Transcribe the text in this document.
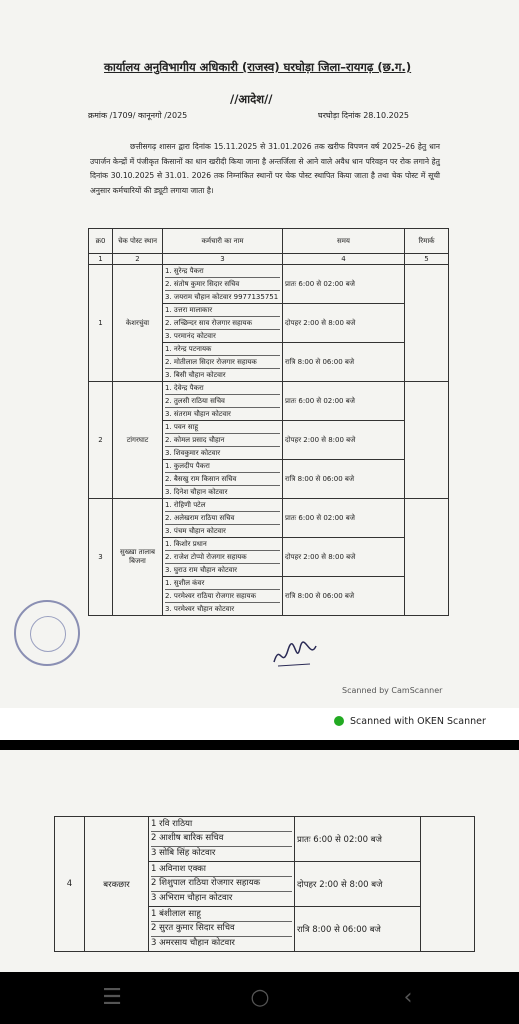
कार्यालय अनुविभागीय अधिकारी (राजस्व) घरघोड़ा जिला–रायगढ़ (छ.ग.)
//आदेश//
क्रमांक /1709/ कानूनगो /2025	घरघोड़ा दिनांक 28.10.2025

छत्तीसगढ़ शासन द्वारा दिनांक 15.11.2025 से 31.01.2026 तक खरीफ विपणन वर्ष 2025–26 हेतु धान उपार्जन केन्द्रों में पंजीकृत किसानों का धान खरीदी किया जाना है अन्तर्जिला से आने वाले अवैध धान परिवहन पर रोक लगाने हेतु दिनांक 30.10.2025 से 31.01. 2026 तक निम्नांकित स्थानों पर चेक पोस्ट स्थापित किया जाता है तथा चेक पोस्ट में सूची अनुसार कर्मचारियों की ड्यूटी लगाया जाता है।

क्र0	चेक पोस्ट स्थान	कर्मचारी का नाम	समय	रिमार्क
1	2	3	4	5
1	केशरचुंवा	1. सुरेन्द्र पैकरा
2. संतोष कुमार सिदार सचिव
3. जयराम चौहान कोटवार 9977135751	प्रातः 6:00 से 02:00 बजे	

		1. उत्तरा मालाकार
2. लच्छिन्दर साव रोजगार सहायक
3. परमानंद कोटवार	दोपहर 2:00 से 8:00 बजे	

		1. नरेन्द्र पटनायक
2. मोतीलाल सिदार रोजगार सहायक
3. बिसी चौहान कोटवार	रात्रि 8:00 से 06:00 बजे	
2	टांगरघाट	1. देवेन्द्र पैकरा
2. तुलसी राठिया सचिव
3. संतराम चौहान कोटवार	प्रातः 6:00 से 02:00 बजे	

		1. पवन साहू
2. कोमल प्रसाद चौहान
3. शिवकुमार कोटवार	दोपहर 2:00 से 8:00 बजे	

		1. कुलदीप पैकरा
2. बैसखु राम किसान सचिव
3. दिनेश चौहान कोटवार	रात्रि 8:00 से 06:00 बजे	
3	सुख्खा तालाब बिजना	1. रोहिणी पटेल
2. अलेखराम राठिया सचिव
3. पंचम चौहान कोटवार	प्रातः 6:00 से 02:00 बजे	

		1. किशोर प्रधान
2. राजेश टोप्पो रोजगार सहायक
3. घुराउ राम चौहान कोटवार	दोपहर 2:00 से 8:00 बजे	

		1. सुशील कंवर
2. परमेश्वर राठिया रोजगार सहायक
3. परमेश्वर चौहान कोटवार	रात्रि 8:00 से 06:00 बजे	
Scanned by CamScanner
Scanned with OKEN Scanner
4	बरकछार	1 रवि राठिया
2 आशीष बारिक सचिव
3 सोबि सिंह कोटवार	प्रातः 6:00 से 02:00 बजे	

		1 अविनाश एक्का
2 शिशुपाल राठिया रोजगार सहायक
3 अभिराम चौहान कोटवार	दोपहर 2:00 से 8:00 बजे	

		1 बंशीलाल साहू
2 सुरत कुमार सिदार सचिव
3 अमरसाय चौहान कोटवार	रात्रि 8:00 से 06:00 बजे	
☰	○	‹
